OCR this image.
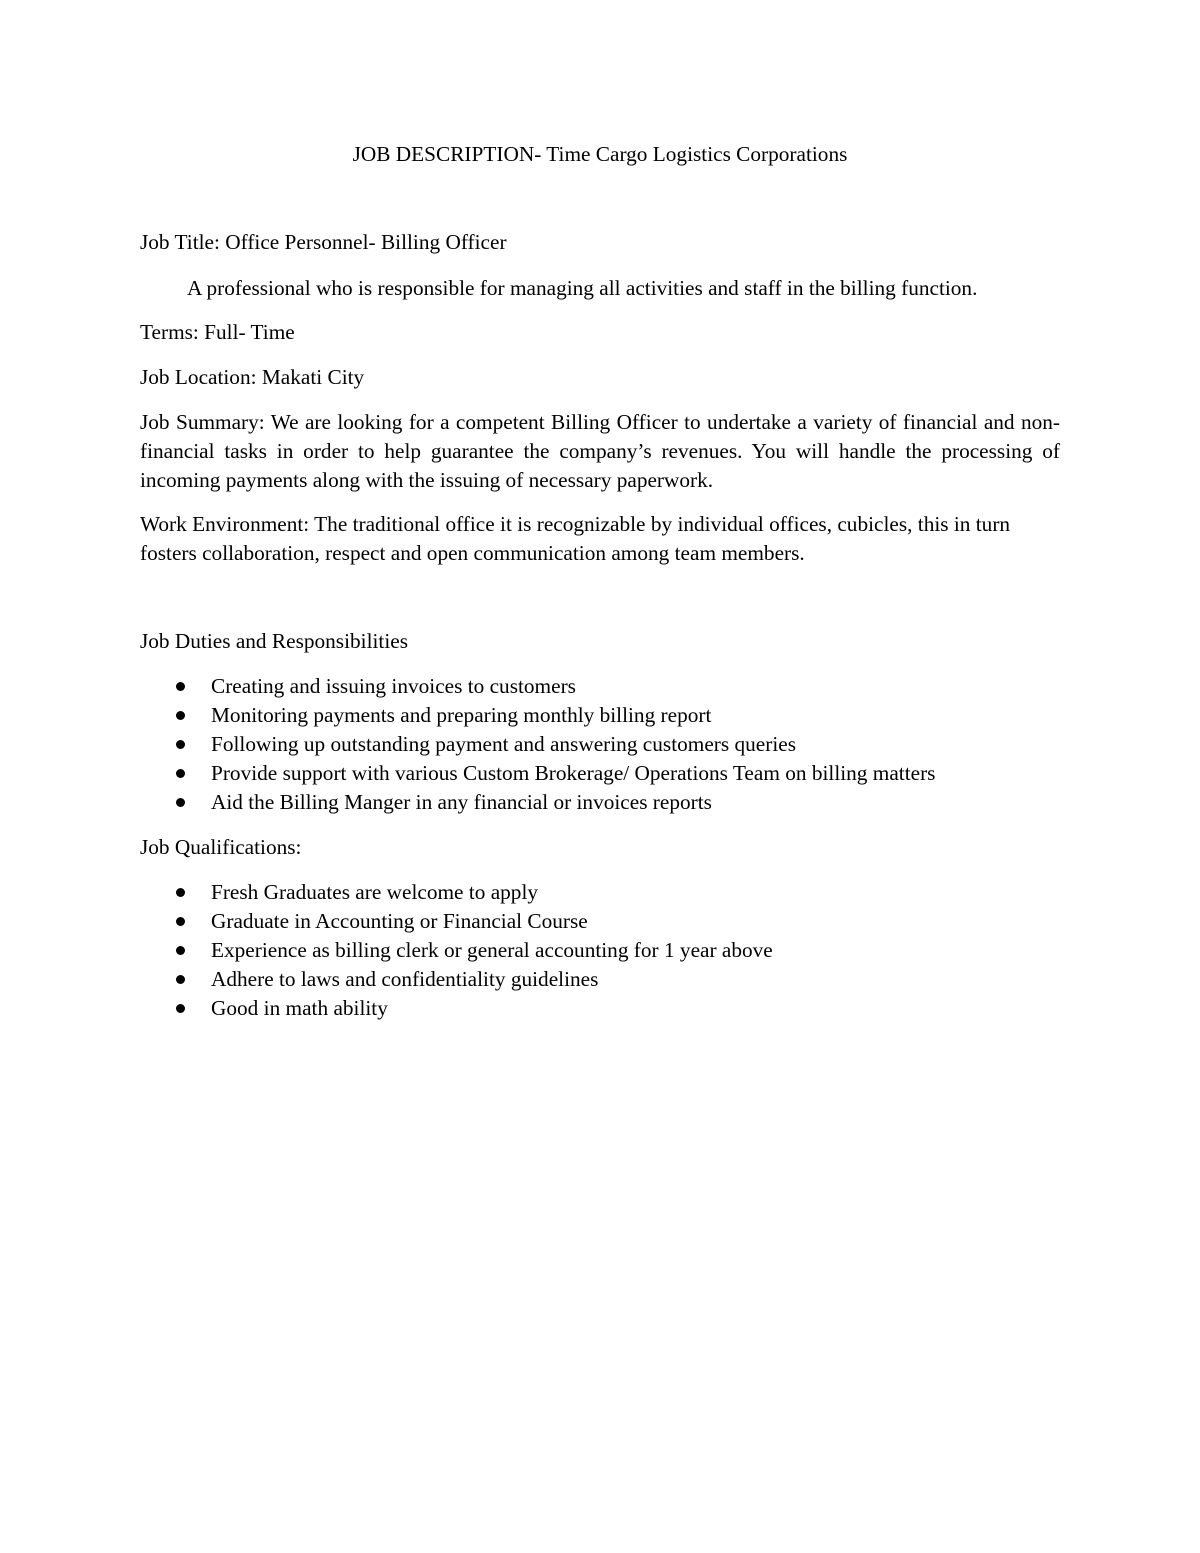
JOB DESCRIPTION- Time Cargo Logistics Corporations

Job Title: Office Personnel- Billing Officer

A professional who is responsible for managing all activities and staff in the billing function.

Terms: Full- Time

Job Location: Makati City

Job Summary: We are looking for a competent Billing Officer to undertake a variety of financial and non-financial tasks in order to help guarantee the company’s revenues. You will handle the processing of incoming payments along with the issuing of necessary paperwork.

Work Environment: The traditional office it is recognizable by individual offices, cubicles, this in turn fosters collaboration, respect and open communication among team members.

Job Duties and Responsibilities

Creating and issuing invoices to customers
Monitoring payments and preparing monthly billing report
Following up outstanding payment and answering customers queries
Provide support with various Custom Brokerage/ Operations Team on billing matters
Aid the Billing Manger in any financial or invoices reports

Job Qualifications:

Fresh Graduates are welcome to apply
Graduate in Accounting or Financial Course
Experience as billing clerk or general accounting for 1 year above
Adhere to laws and confidentiality guidelines
Good in math ability
